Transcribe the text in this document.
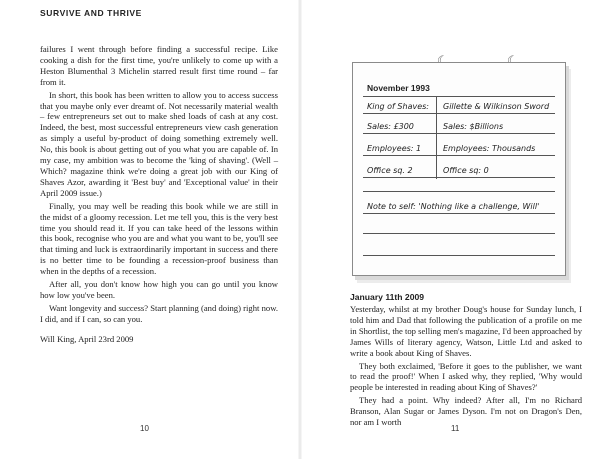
SURVIVE AND THRIVE

failures I went through before finding a successful recipe. Like cooking a dish for the first time, you're unlikely to come up with a Heston Blumenthal 3 Michelin starred result first time round – far from it.

In short, this book has been written to allow you to access success that you maybe only ever dreamt of. Not necessarily material wealth – few entrepreneurs set out to make shed loads of cash at any cost. Indeed, the best, most successful entrepreneurs view cash generation as simply a useful by-product of doing something extremely well. No, this book is about getting out of you what you are capable of. In my case, my ambition was to become the 'king of shaving'. (Well – Which? magazine think we're doing a great job with our King of Shaves Azor, awarding it 'Best buy' and 'Exceptional value' in their April 2009 issue.)

Finally, you may well be reading this book while we are still in the midst of a gloomy recession. Let me tell you, this is the very best time you should read it. If you can take heed of the lessons within this book, recognise who you are and what you want to be, you'll see that timing and luck is extraordinarily important in success and there is no better time to be founding a recession-proof business than when in the depths of a recession.

After all, you don't know how high you can go until you know how low you've been.

Want longevity and success? Start planning (and doing) right now. I did, and if I can, so can you.

Will King, April 23rd 2009

10
November 1993
King of Shaves: Gillette & Wilkinson Sword
Sales: £300	Sales: $Billions
Employees: 1	Employees: Thousands
Office sq. 2	Office sq: 0
Note to self: 'Nothing like a challenge, Will'
January 11th 2009

Yesterday, whilst at my brother Doug's house for Sunday lunch, I told him and Dad that following the publication of a profile on me in Shortlist, the top selling men's magazine, I'd been approached by James Wills of literary agency, Watson, Little Ltd and asked to write a book about King of Shaves.

They both exclaimed, 'Before it goes to the publisher, we want to read the proof!' When I asked why, they replied, 'Why would people be interested in reading about King of Shaves?'

They had a point. Why indeed? After all, I'm no Richard Branson, Alan Sugar or James Dyson. I'm not on Dragon's Den, nor am I worth

11
